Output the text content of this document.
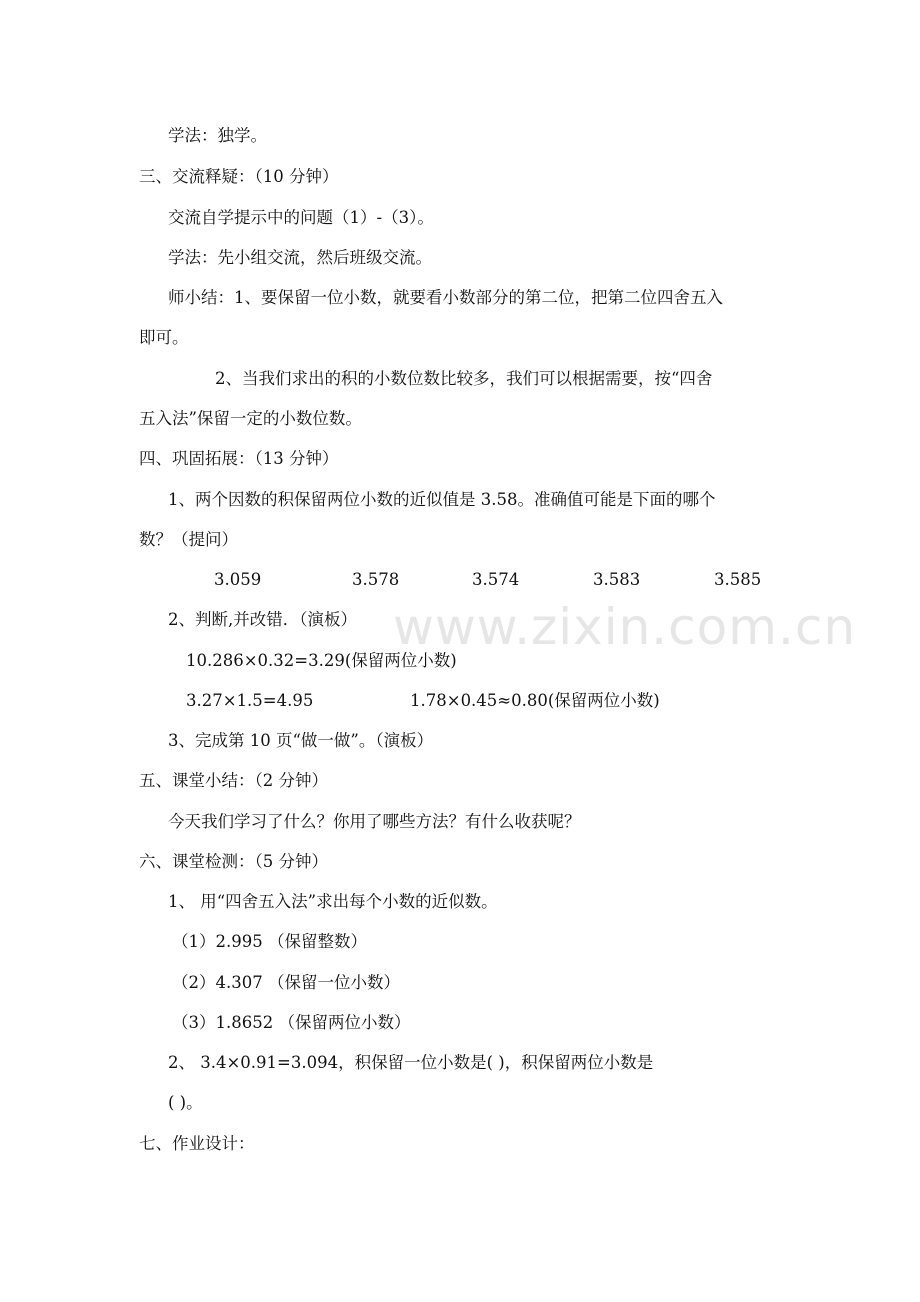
www.zixin.com.cn
学法：独学。
三、交流释疑：（10 分钟）
交流自学提示中的问题（1）-（3）。
学法：先小组交流，然后班级交流。
师小结：1、要保留一位小数，就要看小数部分的第二位，把第二位四舍五入
即可。
2、当我们求出的积的小数位数比较多，我们可以根据需要，按“四舍
五入法”保留一定的小数位数。
四、巩固拓展：（13 分钟）
1、两个因数的积保留两位小数的近似值是 3.58。准确值可能是下面的哪个
数？（提问）
3.059	3.578	3.574	3.583	3.585
2、判断,并改错．（演板）
10.286×0.32=3.29(保留两位小数)
3.27×1.5=4.95	1.78×0.45≈0.80(保留两位小数)
3、完成第 10 页“做一做”。（演板）
五、课堂小结：（2 分钟）
今天我们学习了什么？你用了哪些方法？有什么收获呢？
六、课堂检测：（5 分钟）
1、 用“四舍五入法”求出每个小数的近似数。
（1）2.995 （保留整数）
（2）4.307 （保留一位小数）
（3）1.8652 （保留两位小数）
2、 3.4×0.91=3.094，积保留一位小数是( )，积保留两位小数是
( )。
七、作业设计：
